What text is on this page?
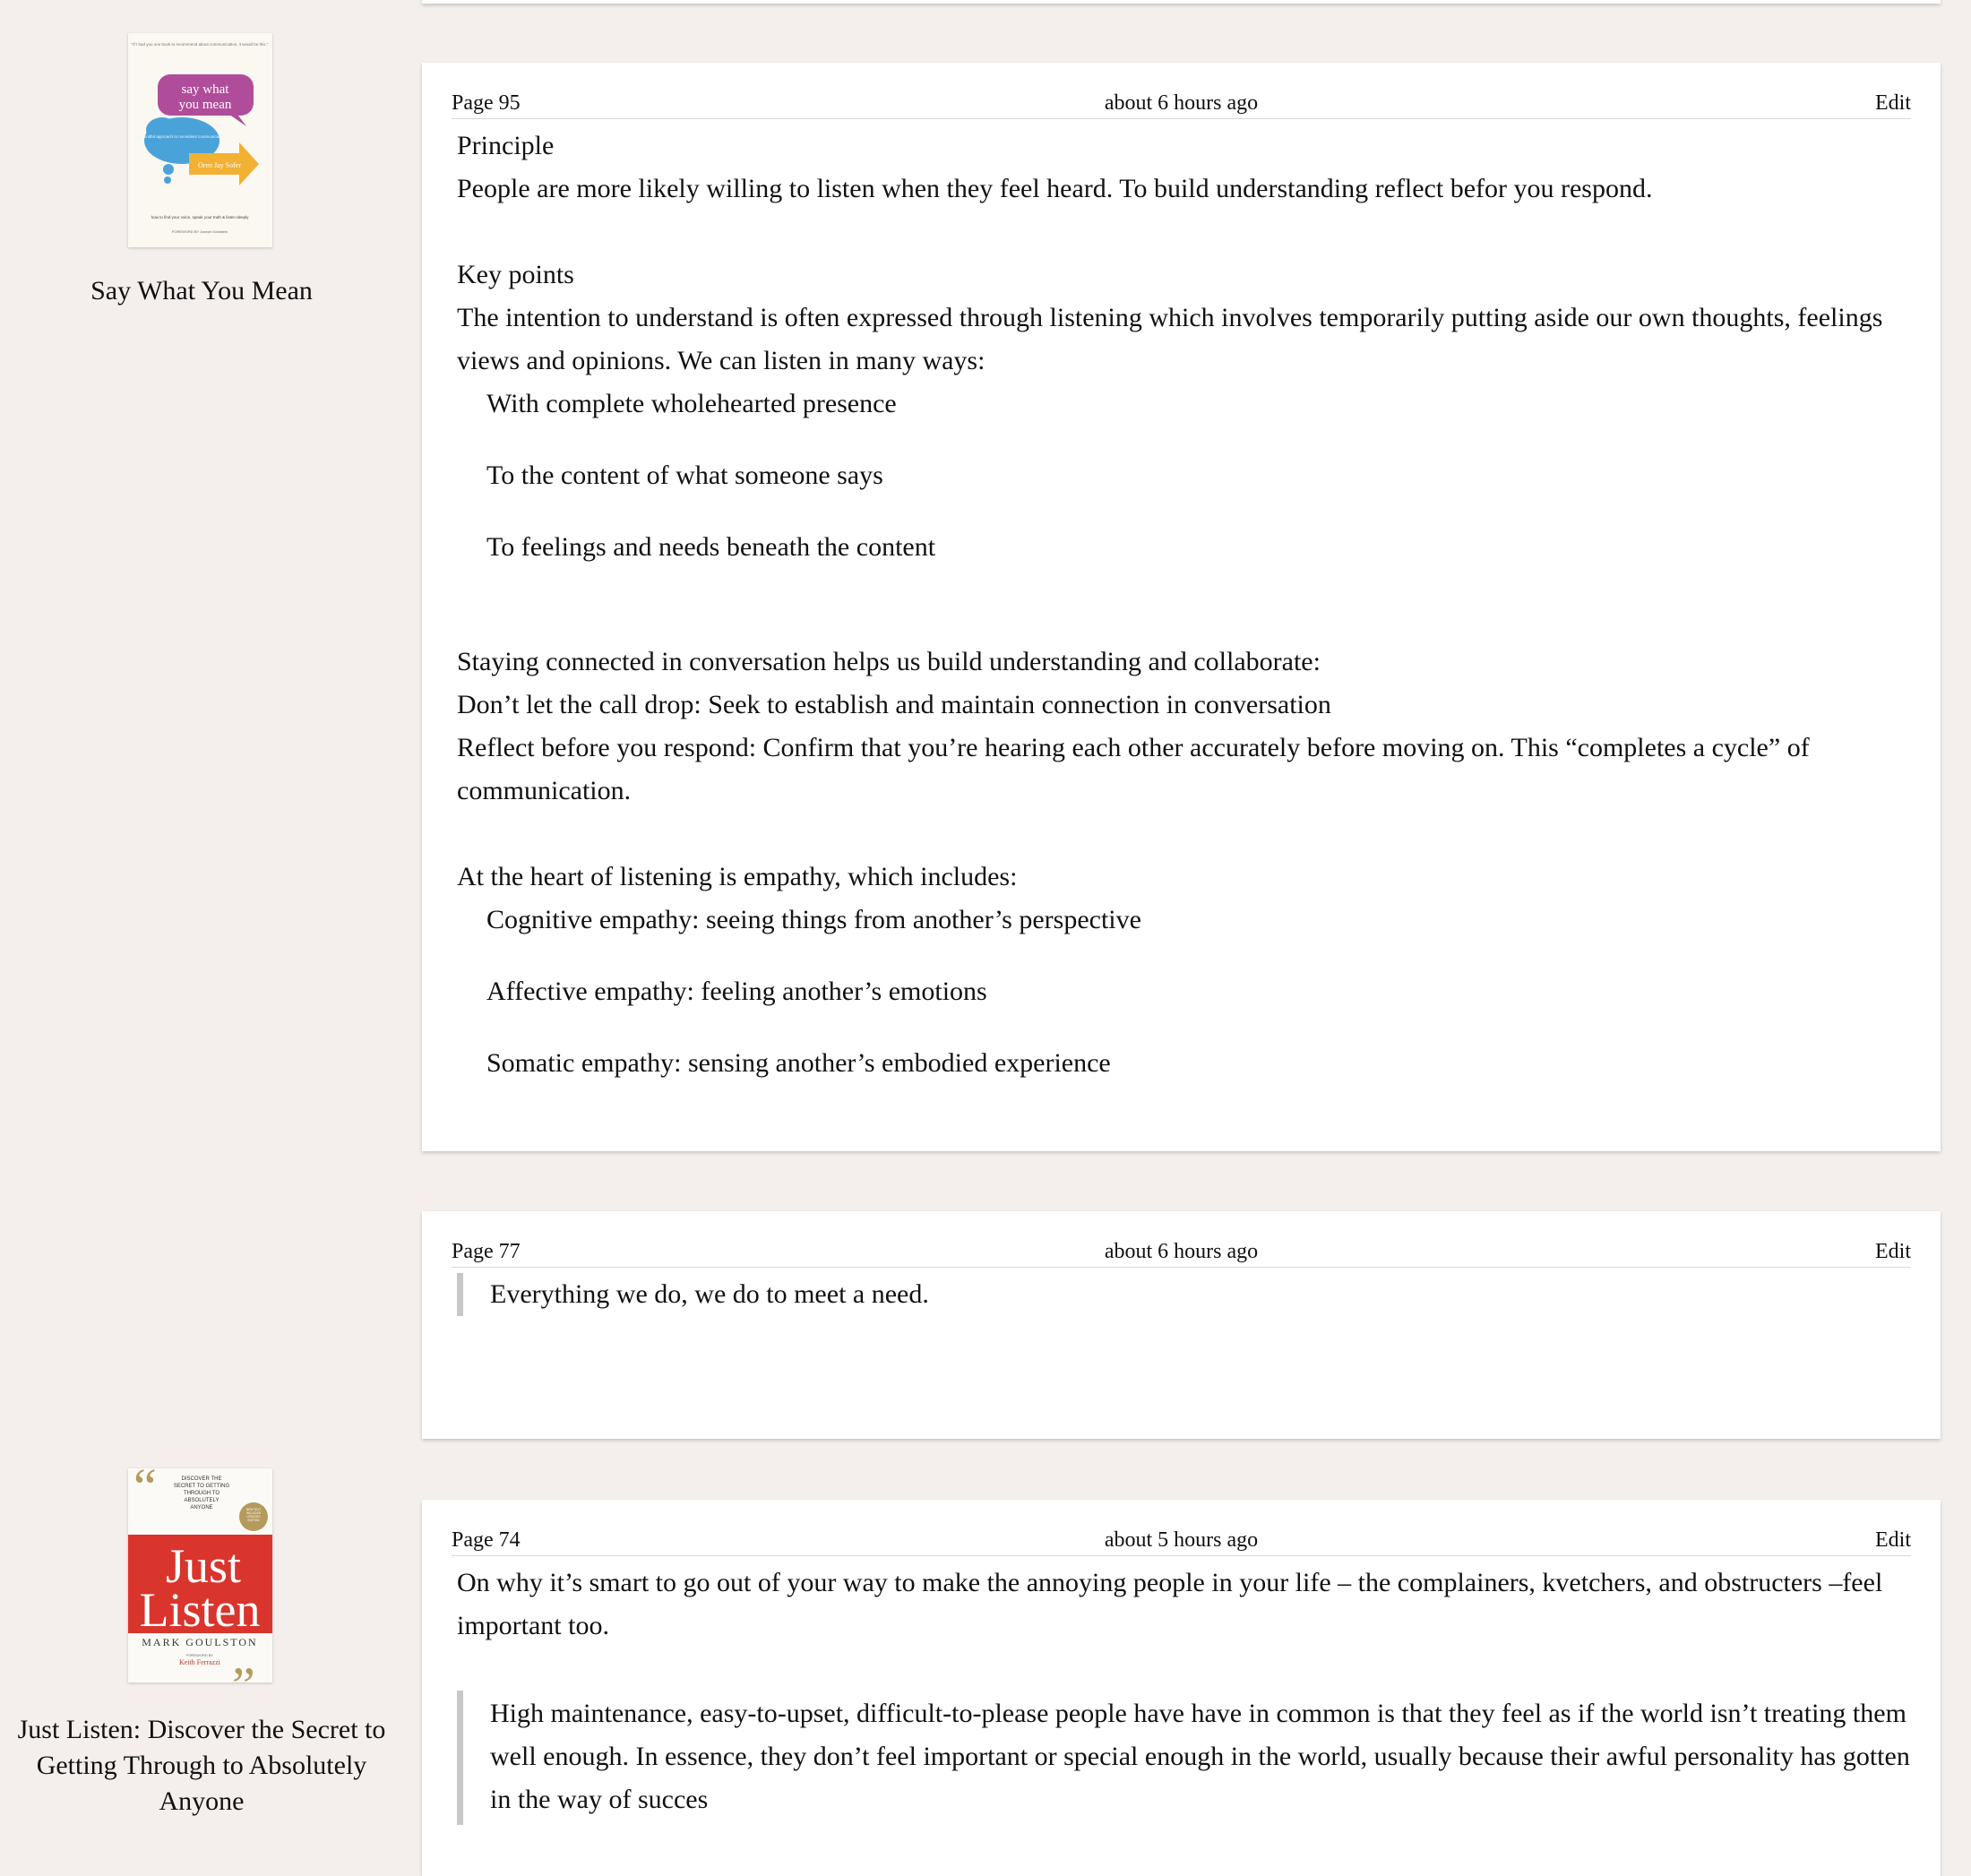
"If I had you one book to recommend about communication, it would be this."
say what
you mean
a mindful approach to nonviolent communication
Oren Jay Sofer
how to find your voice, speak your truth & listen deeply
FOREWORD BY Joseph Goldstein
Say What You Mean
“	DISCOVER THE SECRET TO GETTING THROUGH TO ABSOLUTELY ANYONE	NEW TEXT INCLUDED UPDATED EDITION
Just
Listen
MARK GOULSTON
FOREWORD BY
Keith Ferrazzi ”
Just Listen: Discover the Secret to Getting Through to Absolutely Anyone
Page 95	about 6 hours ago	Edit

Principle

People are more likely willing to listen when they feel heard. To build understanding reflect befor you respond.

Key points

The intention to understand is often expressed through listening which involves temporarily putting aside our own thoughts, feelings views and opinions. We can listen in many ways:

With complete wholehearted presence

To the content of what someone says

To feelings and needs beneath the content

Staying connected in conversation helps us build understanding and collaborate:

Don’t let the call drop: Seek to establish and maintain connection in conversation

Reflect before you respond: Confirm that you’re hearing each other accurately before moving on. This “completes a cycle” of communication.

At the heart of listening is empathy, which includes:

Cognitive empathy: seeing things from another’s perspective

Affective empathy: feeling another’s emotions

Somatic empathy: sensing another’s embodied experience

Page 77	about 6 hours ago	Edit
Everything we do, we do to meet a need.
Page 74	about 5 hours ago	Edit

On why it’s smart to go out of your way to make the annoying people in your life – the complainers, kvetchers, and obstructers –feel important too.

High maintenance, easy-to-upset, difficult-to-please people have have in common is that they feel as if the world isn’t treating them well enough. In essence, they don’t feel important or special enough in the world, usually because their awful personality has gotten in the way of succes
